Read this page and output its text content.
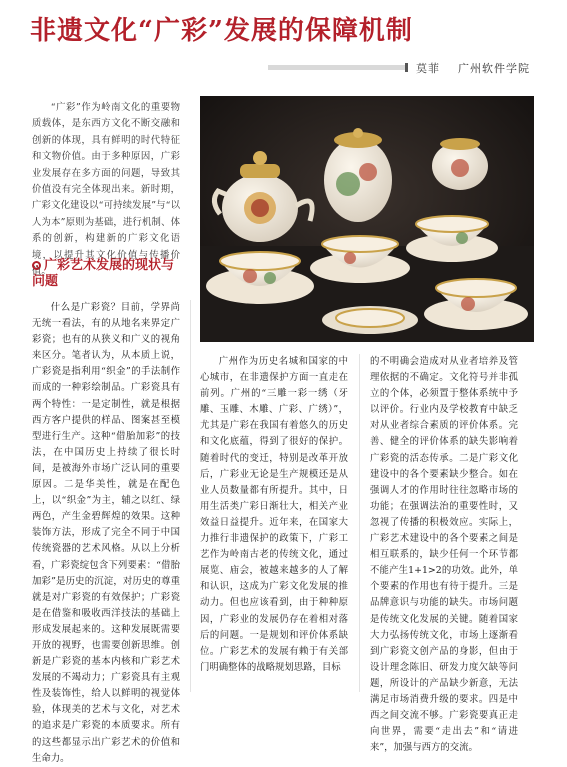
非遗文化“广彩”发展的保障机制
莫菲 广州软件学院

“广彩”作为岭南文化的重要物质载体，是东西方文化不断交融和创新的体现，具有鲜明的时代特征和文物价值。由于多种原因，广彩业发展存在多方面的问题，导致其价值没有完全体现出来。新时期，广彩文化建设以“可持续发展”与“以人为本”原则为基础，进行机制、体系的创新，构建新的广彩文化语境，以提升其文化价值与传播价值。

广彩艺术发展的现状与问题

什么是广彩瓷？目前，学界尚无统一看法，有的从地名来界定广彩瓷；也有的从狭义和广义的视角来区分。笔者认为，从本质上说，广彩瓷是指利用“织金”的手法制作而成的一种彩绘制品。广彩瓷具有两个特性：一是定制性，就是根据西方客户提供的样品、图案甚至模型进行生产。这种“借胎加彩”的技法，在中国历史上持续了很长时间，是被海外市场广泛认同的重要原因。二是华美性，就是在配色上，以“织金”为主，辅之以红、绿两色，产生金碧辉煌的效果。这种装饰方法，形成了完全不同于中国传统瓷器的艺术风格。从以上分析看，广彩瓷绽包含下列要素：“借胎加彩”是历史的沉淀，对历史的尊重就是对广彩瓷的有效保护；广彩瓷是在借鉴和吸收西洋技法的基础上形成发展起来的。这种发展既需要开放的视野，也需要创新思维。创新是广彩瓷的基本内核和广彩艺术发展的不竭动力；广彩瓷具有主观性及装饰性，给人以鲜明的视觉体验，体现美的艺术与文化，对艺术的追求是广彩瓷的本质要求。所有的这些都显示出广彩艺术的价值和生命力。

广州作为历史名城和国家的中心城市，在非遗保护方面一直走在前列。广州的“三雕一彩一绣（牙雕、玉雕、木雕、广彩、广绣）”，尤其是广彩在我国有着悠久的历史和文化底蕴，得到了很好的保护。随着时代的变迁，特别是改革开放后，广彩业无论是生产规模还是从业人员数量都有所提升。其中，日用生活类广彩日渐壮大，相关产业效益日益提升。近年来，在国家大力推行非遗保护的政策下，广彩工艺作为岭南古老的传统文化，通过展览、庙会，被越来越多的人了解和认识，这成为广彩文化发展的推动力。但也应该看到，由于种种原因，广彩业的发展仍存在着相对落后的问题。一是规划和评价体系缺位。广彩艺术的发展有赖于有关部门明确整体的战略规划思路，目标

的不明确会造成对从业者培养及管理依据的不确定。文化符号并非孤立的个体，必须置于整体系统中予以评价。行业内及学校教育中缺乏对从业者综合素质的评价体系。完善、健全的评价体系的缺失影响着广彩瓷的活态传承。二是广彩文化建设中的各个要素缺少整合。如在强调人才的作用时往往忽略市场的功能；在强调法治的重要性时，又忽视了传播的积极效应。实际上，广彩艺术建设中的各个要素之间是相互联系的，缺少任何一个环节都不能产生1+1>2的功效。此外，单个要素的作用也有待于提升。三是品牌意识与功能的缺失。市场问题是传统文化发展的关键。随着国家大力弘扬传统文化，市场上逐渐看到广彩瓷文创产品的身影，但由于设计理念陈旧、研发力度欠缺等问题，所设计的产品缺少新意，无法满足市场消费升级的要求。四是中西之间交流不够。广彩瓷要真正走向世界，需要“走出去”和“请进来”，加强与西方的交流。
